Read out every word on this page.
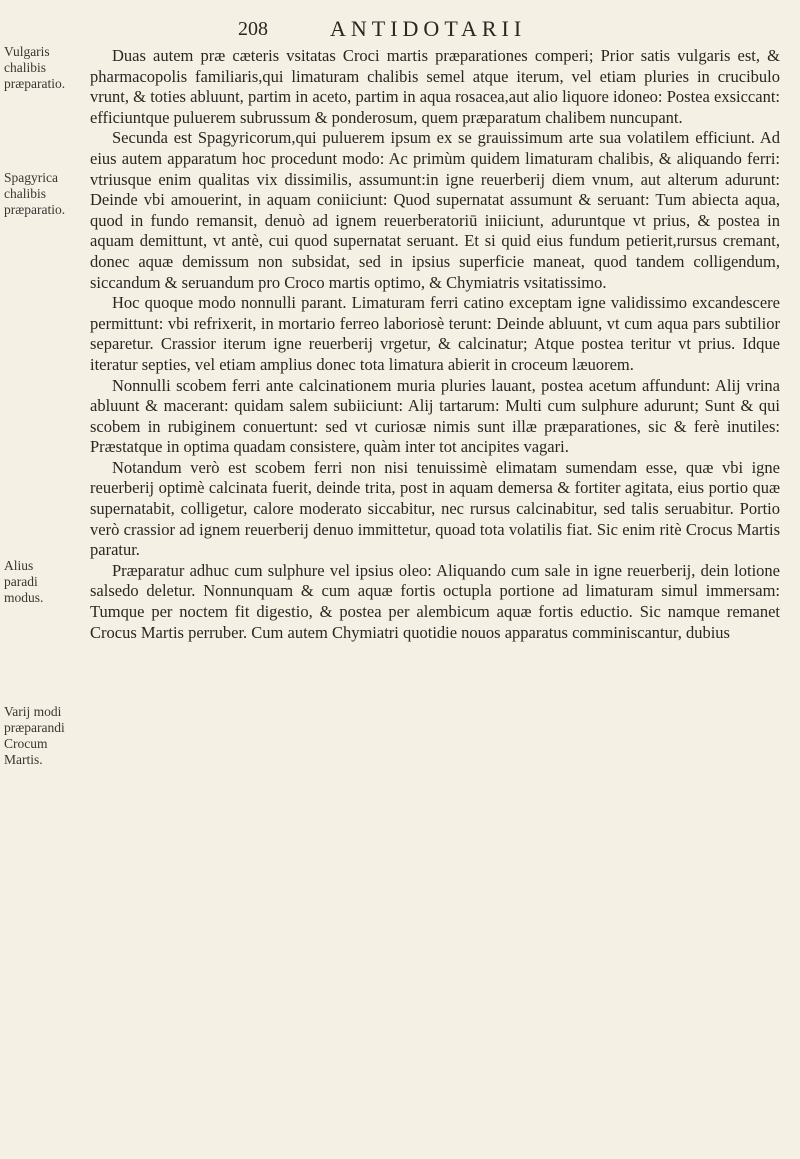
208	ANTIDOTARII
Vulgaris chalibis præparatio.
Spagyrica chalibis præparatio.
Alius paradi modus.
Varij modi præparandi Crocum Martis.

Duas autem præ cæteris vsitatas Croci martis præparationes comperi; Prior satis vulgaris est, & pharmacopolis familiaris,qui limaturam chalibis semel atque iterum, vel etiam pluries in crucibulo vrunt, & toties abluunt, partim in aceto, partim in aqua rosacea,aut alio liquore idoneo: Postea exsiccant: efficiuntque puluerem subrussum & ponderosum, quem præparatum chalibem nuncupant.

Secunda est Spagyricorum,qui puluerem ipsum ex se grauissimum arte sua volatilem efficiunt. Ad eius autem apparatum hoc procedunt modo: Ac primùm quidem limaturam chalibis, & aliquando ferri: vtriusque enim qualitas vix dissimilis, assumunt:in igne reuerberij diem vnum, aut alterum adurunt: Deinde vbi amouerint, in aquam coniiciunt: Quod supernatat assumunt & seruant: Tum abiecta aqua, quod in fundo remansit, denuò ad ignem reuerberatoriū iniiciunt, aduruntque vt prius, & postea in aquam demittunt, vt antè, cui quod supernatat seruant. Et si quid eius fundum petierit,rursus cremant, donec aquæ demissum non subsidat, sed in ipsius superficie maneat, quod tandem colligendum, siccandum & seruandum pro Croco martis optimo, & Chymiatris vsitatissimo.

Hoc quoque modo nonnulli parant. Limaturam ferri catino exceptam igne validissimo excandescere permittunt: vbi refrixerit, in mortario ferreo laboriosè terunt: Deinde abluunt, vt cum aqua pars subtilior separetur. Crassior iterum igne reuerberij vrgetur, & calcinatur; Atque postea teritur vt prius. Idque iteratur septies, vel etiam amplius donec tota limatura abierit in croceum læuorem.

Nonnulli scobem ferri ante calcinationem muria pluries lauant, postea acetum affundunt: Alij vrina abluunt & macerant: quidam salem subiiciunt: Alij tartarum: Multi cum sulphure adurunt; Sunt & qui scobem in rubiginem conuertunt: sed vt curiosæ nimis sunt illæ præparationes, sic & ferè inutiles: Præstatque in optima quadam consistere, quàm inter tot ancipites vagari.

Notandum verò est scobem ferri non nisi tenuissimè elimatam sumendam esse, quæ vbi igne reuerberij optimè calcinata fuerit, deinde trita, post in aquam demersa & fortiter agitata, eius portio quæ supernatabit, colligetur, calore moderato siccabitur, nec rursus calcinabitur, sed talis seruabitur. Portio verò crassior ad ignem reuerberij denuo immittetur, quoad tota volatilis fiat. Sic enim ritè Crocus Martis paratur.

Præparatur adhuc cum sulphure vel ipsius oleo: Aliquando cum sale in igne reuerberij, dein lotione salsedo deletur. Nonnunquam & cum aquæ fortis octupla portione ad limaturam simul immersam: Tumque per noctem fit digestio, & postea per alembicum aquæ fortis eductio. Sic namque remanet Crocus Martis perruber. Cum autem Chymiatri quotidie nouos apparatus comminiscantur, dubius
